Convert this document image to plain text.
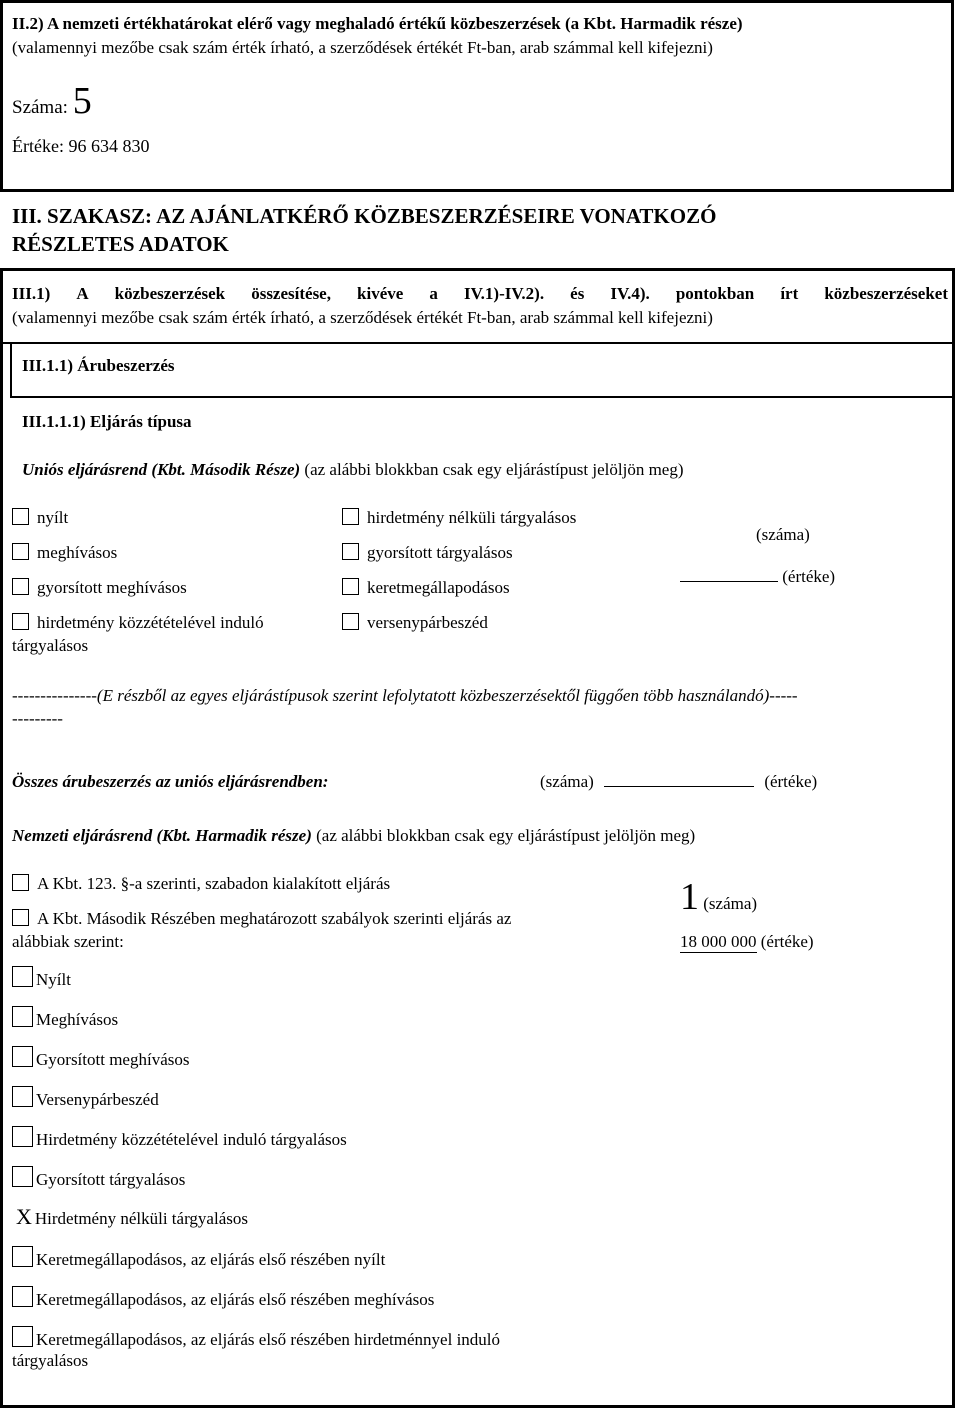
II.2) A nemzeti értékhatárokat elérő vagy meghaladó értékű közbeszerzések (a Kbt. Harmadik része)
(valamennyi mezőbe csak szám érték írható, a szerződések értékét Ft-ban, arab számmal kell kifejezni)
Száma: 5
Értéke: 96 634 830
III. SZAKASZ: AZ AJÁNLATKÉRŐ KÖZBESZERZÉSEIRE VONATKOZÓ
RÉSZLETES ADATOK
III.1) A közbeszerzések összesítése, kivéve a IV.1)-IV.2). és IV.4). pontokban írt közbeszerzéseket
(valamennyi mezőbe csak szám érték írható, a szerződések értékét Ft-ban, arab számmal kell kifejezni)
III.1.1) Árubeszerzés
III.1.1.1) Eljárás típusa
Uniós eljárásrend (Kbt. Második Része) (az alábbi blokkban csak egy eljárástípust jelöljön meg)
nyílt
meghívásos
gyorsított meghívásos
hirdetmény közzétételével induló
tárgyalásos
hirdetmény nélküli tárgyalásos
gyorsított tárgyalásos
keretmegállapodásos
versenypárbeszéd
(száma)
(értéke)
---------------(E részből az egyes eljárástípusok szerint lefolytatott közbeszerzésektől függően több használandó)-----
---------
Összes árubeszerzés az uniós eljárásrendben:	(száma)	(értéke)
Nemzeti eljárásrend (Kbt. Harmadik része) (az alábbi blokkban csak egy eljárástípust jelöljön meg)
A Kbt. 123. §-a szerinti, szabadon kialakított eljárás
A Kbt. Második Részében meghatározott szabályok szerinti eljárás az
alábbiak szerint:
1 (száma)
18 000 000 (értéke)
Nyílt
Meghívásos
Gyorsított meghívásos
Versenypárbeszéd
Hirdetmény közzétételével induló tárgyalásos
Gyorsított tárgyalásos
X Hirdetmény nélküli tárgyalásos
Keretmegállapodásos, az eljárás első részében nyílt
Keretmegállapodásos, az eljárás első részében meghívásos
Keretmegállapodásos, az eljárás első részében hirdetménnyel induló
tárgyalásos
